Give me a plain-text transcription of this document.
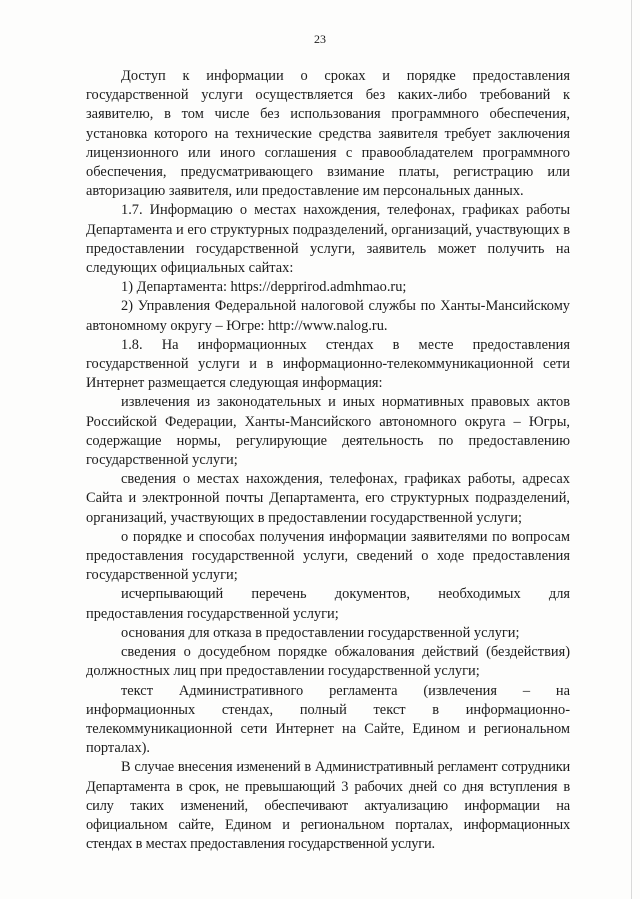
23

Доступ к информации о сроках и порядке предоставления государственной услуги осуществляется без каких-либо требований к заявителю, в том числе без использования программного обеспечения, установка которого на технические средства заявителя требует заключения лицензионного или иного соглашения с правообладателем программного обеспечения, предусматривающего взимание платы, регистрацию или авторизацию заявителя, или предоставление им персональных данных.

1.7. Информацию о местах нахождения, телефонах, графиках работы Департамента и его структурных подразделений, организаций, участвующих в предоставлении государственной услуги, заявитель может получить на следующих официальных сайтах:

1) Департамента: https://depprirod.admhmao.ru;

2) Управления Федеральной налоговой службы по Ханты-Мансийскому автономному округу – Югре: http://www.nalog.ru.

1.8. На информационных стендах в месте предоставления государственной услуги и в информационно-телекоммуникационной сети Интернет размещается следующая информация:

извлечения из законодательных и иных нормативных правовых актов Российской Федерации, Ханты-Мансийского автономного округа – Югры, содержащие нормы, регулирующие деятельность по предоставлению государственной услуги;

сведения о местах нахождения, телефонах, графиках работы, адресах Сайта и электронной почты Департамента, его структурных подразделений, организаций, участвующих в предоставлении государственной услуги;

о порядке и способах получения информации заявителями по вопросам предоставления государственной услуги, сведений о ходе предоставления государственной услуги;

исчерпывающий перечень документов, необходимых для предоставления государственной услуги;

основания для отказа в предоставлении государственной услуги;

сведения о досудебном порядке обжалования действий (бездействия) должностных лиц при предоставлении государственной услуги;

текст Административного регламента (извлечения – на информационных стендах, полный текст в информационно-телекоммуникационной сети Интернет на Сайте, Едином и региональном порталах).

В случае внесения изменений в Административный регламент сотрудники Департамента в срок, не превышающий 3 рабочих дней со дня вступления в силу таких изменений, обеспечивают актуализацию информации на официальном сайте, Едином и региональном порталах, информационных стендах в местах предоставления государственной услуги.
